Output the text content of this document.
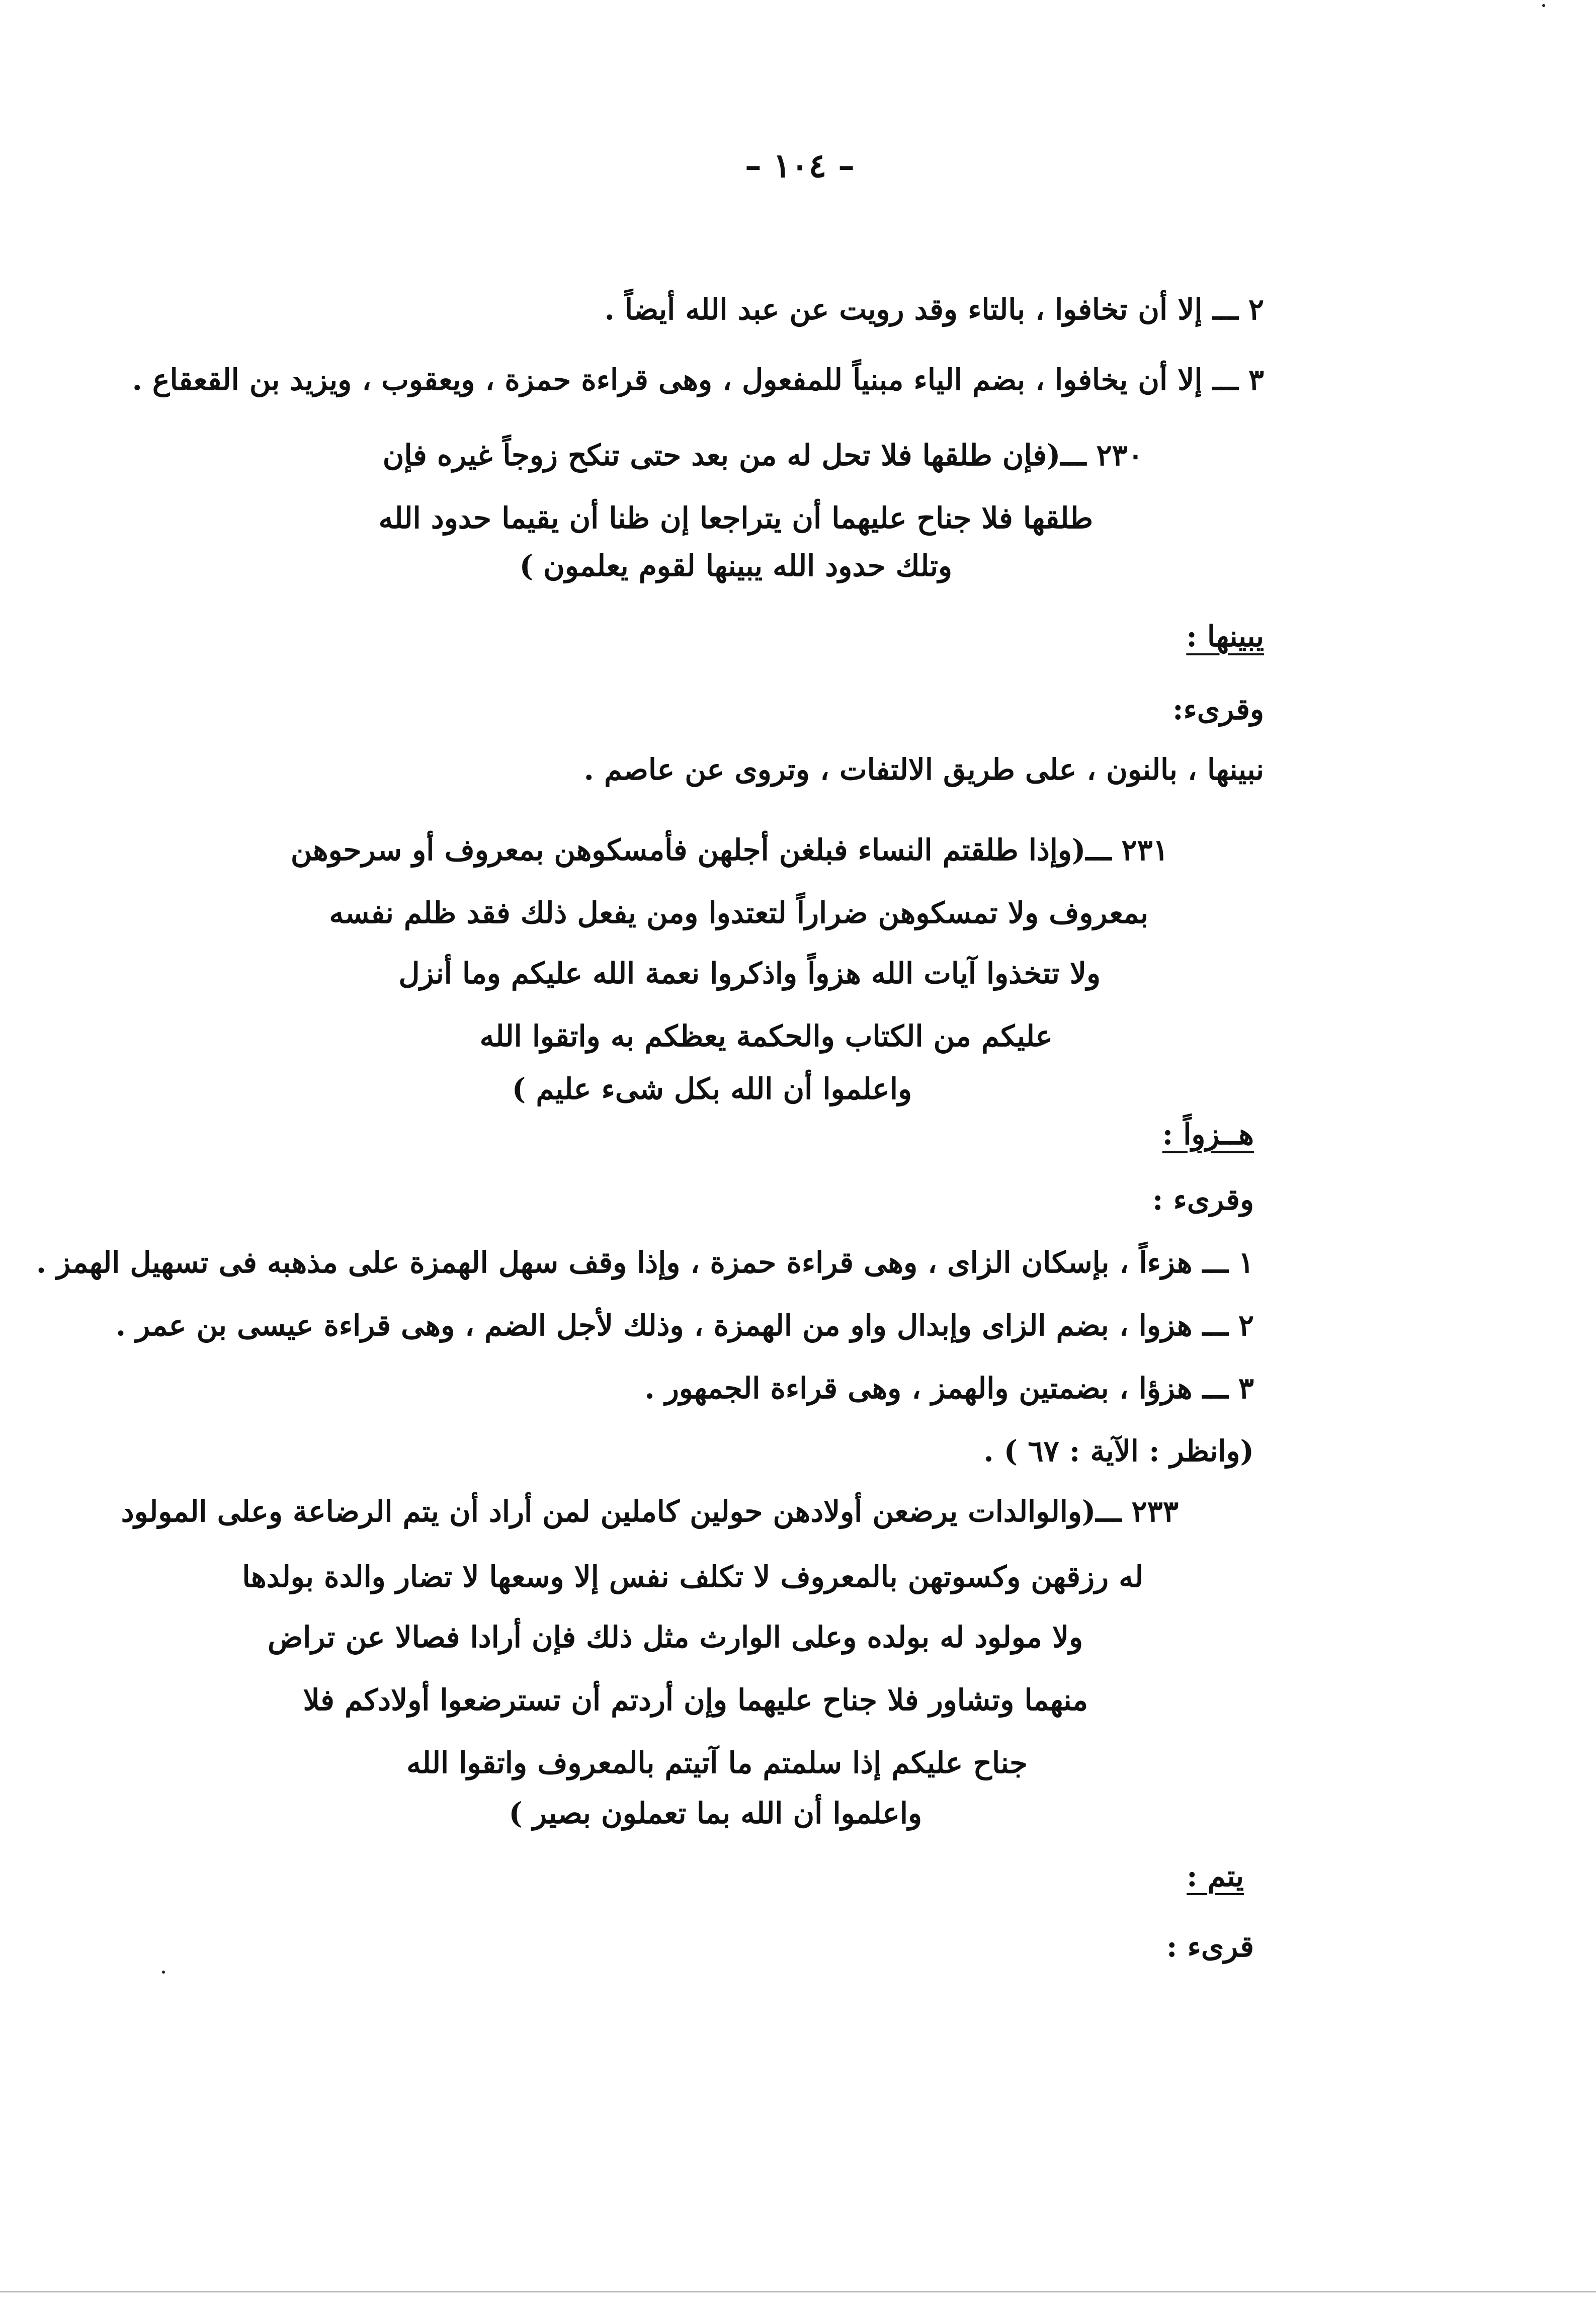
– ١٠٤ –
٢ ـــ إلا أن تخافوا ، بالتاء وقد رويت عن عبد الله أيضاً .
٣ ـــ إلا أن يخافوا ، بضم الياء مبنياً للمفعول ، وهى قراءة حمزة ، ويعقوب ، ويزيد بن القعقاع .
٢٣٠ ـــ(فإن طلقها فلا تحل له من بعد حتى تنكح زوجاً غيره فإن
طلقها فلا جناح عليهما أن يتراجعا إن ظنا أن يقيما حدود الله
وتلك حدود الله يبينها لقوم يعلمون )
يبينها :
وقرىء:
نبينها ، بالنون ، على طريق الالتفات ، وتروى عن عاصم .
٢٣١ ـــ(وإذا طلقتم النساء فبلغن أجلهن فأمسكوهن بمعروف أو سرحوهن
بمعروف ولا تمسكوهن ضراراً لتعتدوا ومن يفعل ذلك فقد ظلم نفسه
ولا تتخذوا آيات الله هزواً واذكروا نعمة الله عليكم وما أنزل
عليكم من الكتاب والحكمة يعظكم به واتقوا الله
واعلموا أن الله بكل شىء عليم )
هــزواً :
وقرىء :
١ ـــ هزءاً ، بإسكان الزاى ، وهى قراءة حمزة ، وإذا وقف سهل الهمزة على مذهبه فى تسهيل الهمز .
٢ ـــ هزوا ، بضم الزاى وإبدال واو من الهمزة ، وذلك لأجل الضم ، وهى قراءة عيسى بن عمر .
٣ ـــ هزؤا ، بضمتين والهمز ، وهى قراءة الجمهور .
(وانظر : الآية : ٦٧ ) .
٢٣٣ ـــ(والوالدات يرضعن أولادهن حولين كاملين لمن أراد أن يتم الرضاعة وعلى المولود
له رزقهن وكسوتهن بالمعروف لا تكلف نفس إلا وسعها لا تضار والدة بولدها
ولا مولود له بولده وعلى الوارث مثل ذلك فإن أرادا فصالا عن تراض
منهما وتشاور فلا جناح عليهما وإن أردتم أن تسترضعوا أولادكم فلا
جناح عليكم إذا سلمتم ما آتيتم بالمعروف واتقوا الله
واعلموا أن الله بما تعملون بصير )
يتم :
قرىء :
